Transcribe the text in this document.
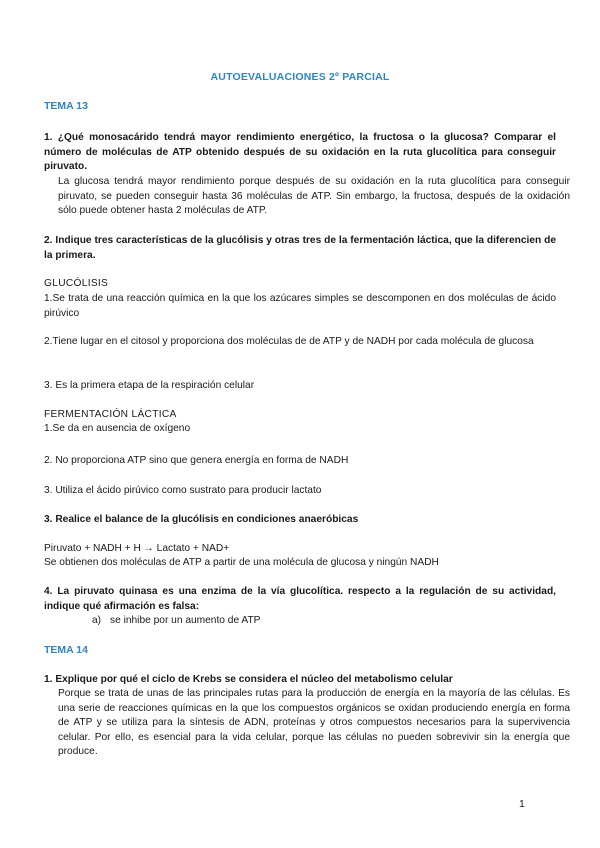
AUTOEVALUACIONES 2º PARCIAL
TEMA 13
1. ¿Qué monosacárido tendrá mayor rendimiento energético, la fructosa o la glucosa? Comparar el número de moléculas de ATP obtenido después de su oxidación en la ruta glucolítica para conseguir piruvato.
La glucosa tendrá mayor rendimiento porque después de su oxidación en la ruta glucolítica para conseguir piruvato, se pueden conseguir hasta 36 moléculas de ATP. Sin embargo, la fructosa, después de la oxidación sólo puede obtener hasta 2 moléculas de ATP.
2. Indique tres características de la glucólisis y otras tres de la fermentación láctica, que la diferencien de la primera.
GLUCÓLISIS
1.Se trata de una reacción química en la que los azúcares simples se descomponen en dos moléculas de ácido pirúvico
2.Tiene lugar en el citosol y proporciona dos moléculas de de ATP y de NADH por cada molécula de glucosa
3. Es la primera etapa de la respiración celular
FERMENTACIÓN LÁCTICA
1.Se da en ausencia de oxígeno
2. No proporciona ATP sino que genera energía en forma de NADH
3. Utiliza el ácido pirúvico como sustrato para producir lactato
3. Realice el balance de la glucólisis en condiciones anaeróbicas
Piruvato + NADH + H → Lactato + NAD+
Se obtienen dos moléculas de ATP a partir de una molécula de glucosa y ningún NADH
4. La piruvato quinasa es una enzima de la vía glucolítica. respecto a la regulación de su actividad, indique qué afirmación es falsa:
a) se inhibe por un aumento de ATP
TEMA 14
1. Explique por qué el ciclo de Krebs se considera el núcleo del metabolismo celular
Porque se trata de unas de las principales rutas para la producción de energía en la mayoría de las células. Es una serie de reacciones químicas en la que los compuestos orgánicos se oxidan produciendo energía en forma de ATP y se utiliza para la síntesis de ADN, proteínas y otros compuestos necesarios para la supervivencia celular. Por ello, es esencial para la vida celular, porque las células no pueden sobrevivir sin la energía que produce.
1
